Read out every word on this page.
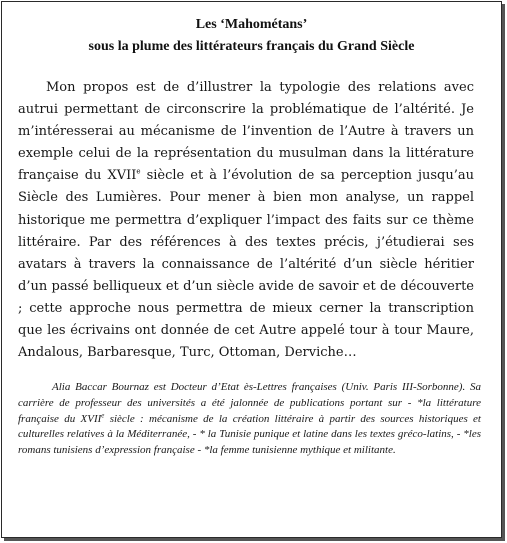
Les ‘Mahométans’
sous la plume des littérateurs français du Grand Siècle

Mon propos est de d’illustrer la typologie des relations avec autrui permettant de circonscrire la problématique de l’altérité. Je m’intéresserai au mécanisme de l’invention de l’Autre à travers un exemple celui de la représentation du musulman dans la littérature française du XVIIe siècle et à l’évolution de sa perception jusqu’au Siècle des Lumières. Pour mener à bien mon analyse, un rappel historique me permettra d’expliquer l’impact des faits sur ce thème littéraire. Par des références à des textes précis, j’étudierai ses avatars à travers la connaissance de l’altérité d’un siècle héritier d’un passé belliqueux et d’un siècle avide de savoir et de découverte ; cette approche nous permettra de mieux cerner la transcription que les écrivains ont donnée de cet Autre appelé tour à tour Maure, Andalous, Barbaresque, Turc, Ottoman, Derviche…

Alia Baccar Bournaz est Docteur d’Etat ès-Lettres françaises (Univ. Paris III-Sorbonne). Sa carrière de professeur des universités a été jalonnée de publications portant sur - *la littérature française du XVIIe siècle : mécanisme de la création littéraire à partir des sources historiques et culturelles relatives à la Méditerranée, - * la Tunisie punique et latine dans les textes gréco-latins, - *les romans tunisiens d’expression française - *la femme tunisienne mythique et militante.
